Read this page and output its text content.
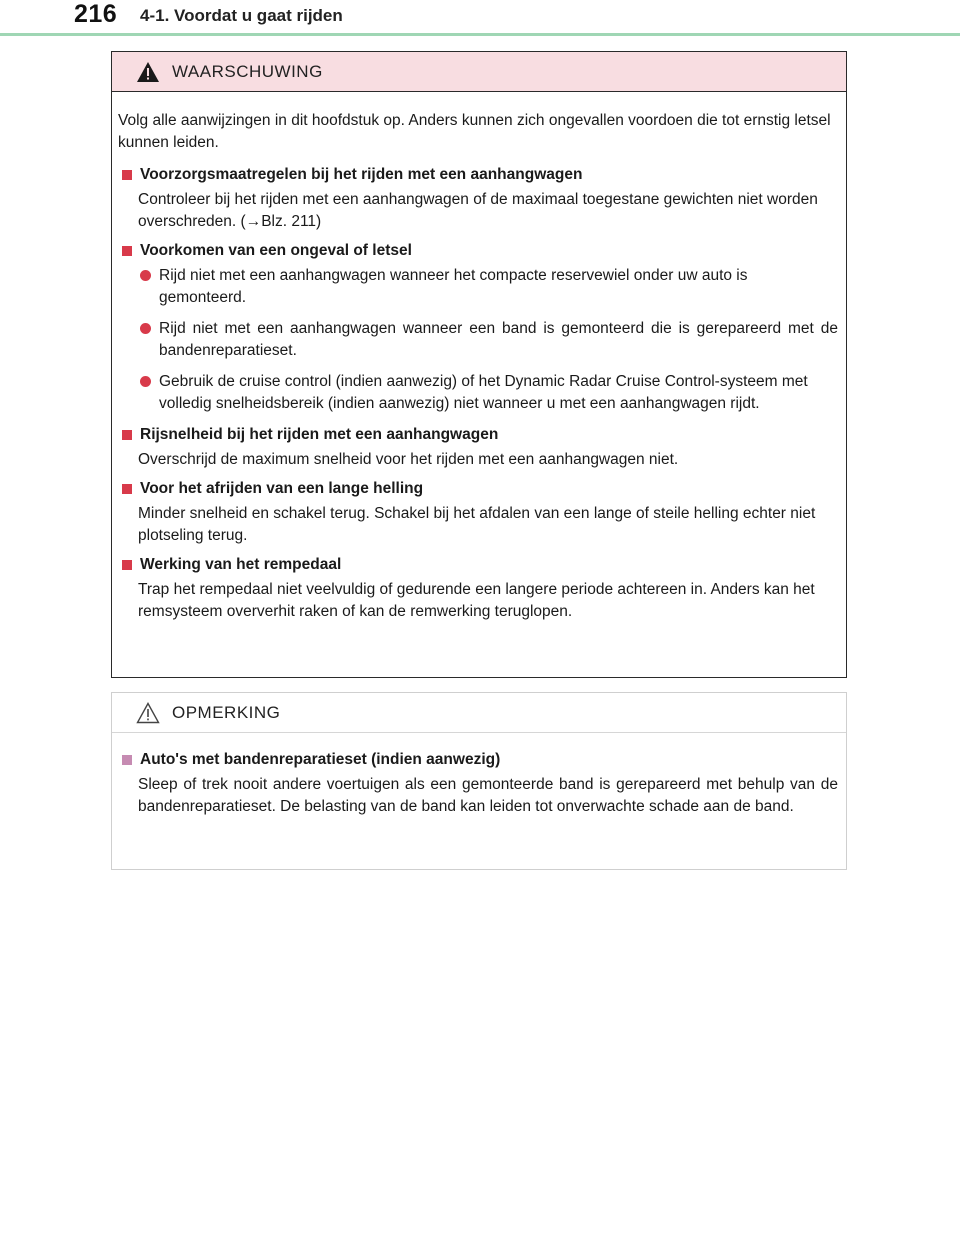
216 4-1. Voordat u gaat rijden
WAARSCHUWING
Volg alle aanwijzingen in dit hoofdstuk op. Anders kunnen zich ongevallen voordoen die tot ernstig letsel kunnen leiden.
Voorzorgsmaatregelen bij het rijden met een aanhangwagen
Controleer bij het rijden met een aanhangwagen of de maximaal toegestane gewichten niet worden overschreden. (→Blz. 211)
Voorkomen van een ongeval of letsel
Rijd niet met een aanhangwagen wanneer het compacte reservewiel onder uw auto is gemonteerd.
Rijd niet met een aanhangwagen wanneer een band is gemonteerd die is gerepareerd met de bandenreparatieset.
Gebruik de cruise control (indien aanwezig) of het Dynamic Radar Cruise Control-systeem met volledig snelheidsbereik (indien aanwezig) niet wanneer u met een aanhangwagen rijdt.
Rijsnelheid bij het rijden met een aanhangwagen
Overschrijd de maximum snelheid voor het rijden met een aanhangwagen niet.
Voor het afrijden van een lange helling
Minder snelheid en schakel terug. Schakel bij het afdalen van een lange of steile helling echter niet plotseling terug.
Werking van het rempedaal
Trap het rempedaal niet veelvuldig of gedurende een langere periode achtereen in. Anders kan het remsysteem oververhit raken of kan de remwerking teruglopen.
OPMERKING
Auto's met bandenreparatieset (indien aanwezig)
Sleep of trek nooit andere voertuigen als een gemonteerde band is gerepareerd met behulp van de bandenreparatieset. De belasting van de band kan leiden tot onverwachte schade aan de band.
